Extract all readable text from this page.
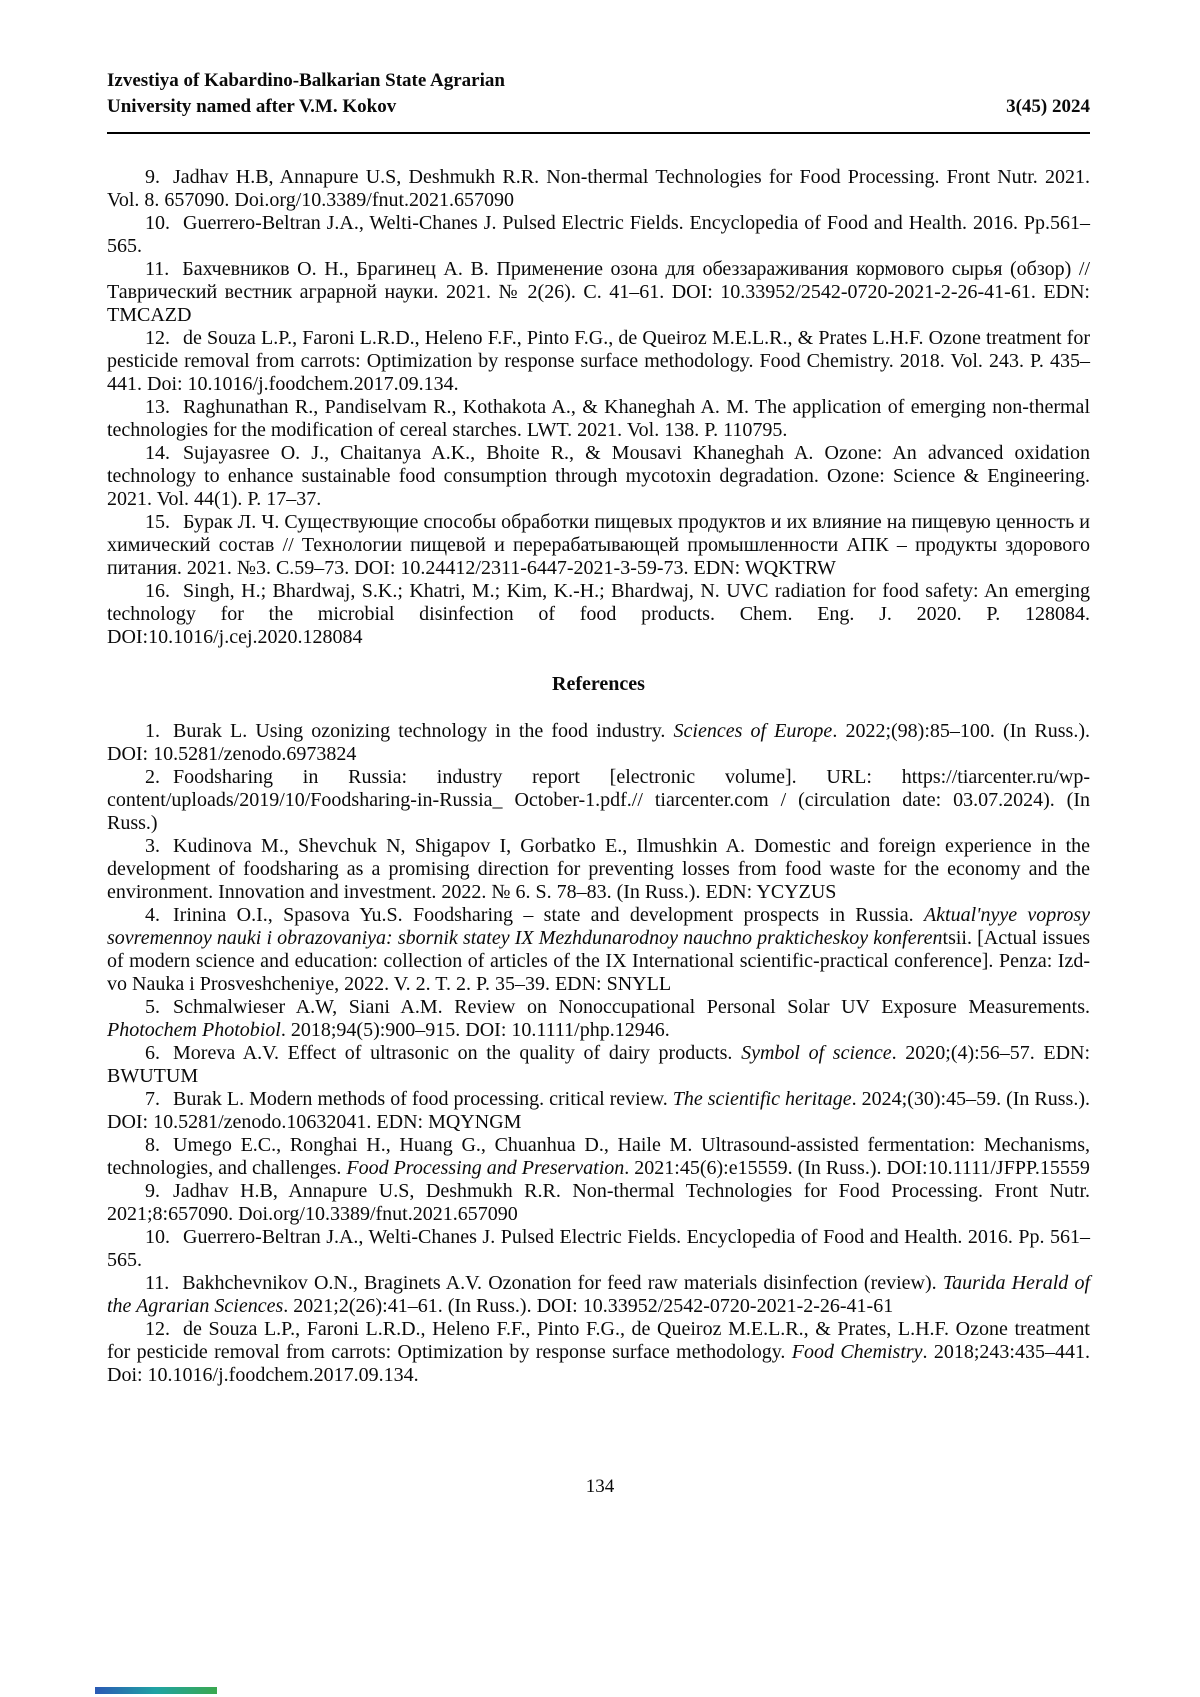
Izvestiya of Kabardino-Balkarian State Agrarian
University named after V.M. Kokov	3(45) 2024

9. Jadhav H.B, Annapure U.S, Deshmukh R.R. Non-thermal Technologies for Food Processing. Front Nutr. 2021. Vol. 8. 657090. Doi.org/10.3389/fnut.2021.657090

10. Guerrero-Beltran J.A., Welti-Chanes J. Pulsed Electric Fields. Encyclopedia of Food and Health. 2016. Pp.561–565.

11. Бахчевников О. Н., Брагинец А. В. Применение озона для обеззараживания кормового сырья (обзор) // Таврический вестник аграрной науки. 2021. № 2(26). С. 41–61. DOI: 10.33952/2542-0720-2021-2-26-41-61. EDN: TMCAZD

12. de Souza L.P., Faroni L.R.D., Heleno F.F., Pinto F.G., de Queiroz M.E.L.R., & Prates L.H.F. Ozone treatment for pesticide removal from carrots: Optimization by response surface methodology. Food Chemistry. 2018. Vol. 243. P. 435– 441. Doi: 10.1016/j.foodchem.2017.09.134.

13. Raghunathan R., Pandiselvam R., Kothakota A., & Khaneghah A. M. The application of emerging non-thermal technologies for the modification of cereal starches. LWT. 2021. Vol. 138. P. 110795.

14. Sujayasree O. J., Chaitanya A.K., Bhoite R., & Mousavi Khaneghah A. Ozone: An advanced oxidation technology to enhance sustainable food consumption through mycotoxin degradation. Ozone: Science & Engineering. 2021. Vol. 44(1). P. 17–37.

15. Бурак Л. Ч. Существующие способы обработки пищевых продуктов и их влияние на пищевую ценность и химический состав // Технологии пищевой и перерабатывающей промышленности АПК – продукты здорового питания. 2021. №3. С.59–73. DOI: 10.24412/2311-6447-2021-3-59-73. EDN: WQKTRW

16. Singh, H.; Bhardwaj, S.K.; Khatri, M.; Kim, K.-H.; Bhardwaj, N. UVC radiation for food safety: An emerging technology for the microbial disinfection of food products. Chem. Eng. J. 2020. P. 128084. DOI:10.1016/j.cej.2020.128084

References

1. Burak L. Using ozonizing technology in the food industry. Sciences of Europe. 2022;(98):85–100. (In Russ.). DOI: 10.5281/zenodo.6973824

2. Foodsharing in Russia: industry report [electronic volume]. URL: https://tiarcenter.ru/wp-content/uploads/2019/10/Foodsharing-in-Russia_ October-1.pdf.// tiarcenter.com / (circulation date: 03.07.2024). (In Russ.)

3. Kudinova M., Shevchuk N, Shigapov I, Gorbatko E., Ilmushkin A. Domestic and foreign experience in the development of foodsharing as a promising direction for preventing losses from food waste for the economy and the environment. Innovation and investment. 2022. № 6. S. 78–83. (In Russ.). EDN: YCYZUS

4. Irinina O.I., Spasova Yu.S. Foodsharing – state and development prospects in Russia. Aktual'nyye voprosy sovremennoy nauki i obrazovaniya: sbornik statey IX Mezhdunarodnoy nauchno prakticheskoy konferentsii. [Actual issues of modern science and education: collection of articles of the IX International scientific-practical conference]. Penza: Izd-vo Nauka i Prosveshcheniye, 2022. V. 2. T. 2. P. 35–39. EDN: SNYLL

5. Schmalwieser A.W, Siani A.M. Review on Nonoccupational Personal Solar UV Exposure Measurements. Photochem Photobiol. 2018;94(5):900–915. DOI: 10.1111/php.12946.

6. Moreva A.V. Effect of ultrasonic on the quality of dairy products. Symbol of science. 2020;(4):56–57. EDN: BWUTUM

7. Burak L. Modern methods of food processing. critical review. The scientific heritage. 2024;(30):45–59. (In Russ.). DOI: 10.5281/zenodo.10632041. EDN: MQYNGM

8. Umego E.C., Ronghai H., Huang G., Chuanhua D., Haile M. Ultrasound-assisted fermentation: Mechanisms, technologies, and challenges. Food Processing and Preservation. 2021:45(6):e15559. (In Russ.). DOI:10.1111/JFPP.15559

9. Jadhav H.B, Annapure U.S, Deshmukh R.R. Non-thermal Technologies for Food Processing. Front Nutr. 2021;8:657090. Doi.org/10.3389/fnut.2021.657090

10. Guerrero-Beltran J.A., Welti-Chanes J. Pulsed Electric Fields. Encyclopedia of Food and Health. 2016. Pp. 561–565.

11. Bakhchevnikov O.N., Braginets A.V. Ozonation for feed raw materials disinfection (review). Taurida Herald of the Agrarian Sciences. 2021;2(26):41–61. (In Russ.). DOI: 10.33952/2542-0720-2021-2-26-41-61

12. de Souza L.P., Faroni L.R.D., Heleno F.F., Pinto F.G., de Queiroz M.E.L.R., & Prates, L.H.F. Ozone treatment for pesticide removal from carrots: Optimization by response surface methodology. Food Chemistry. 2018;243:435–441. Doi: 10.1016/j.foodchem.2017.09.134.

134
